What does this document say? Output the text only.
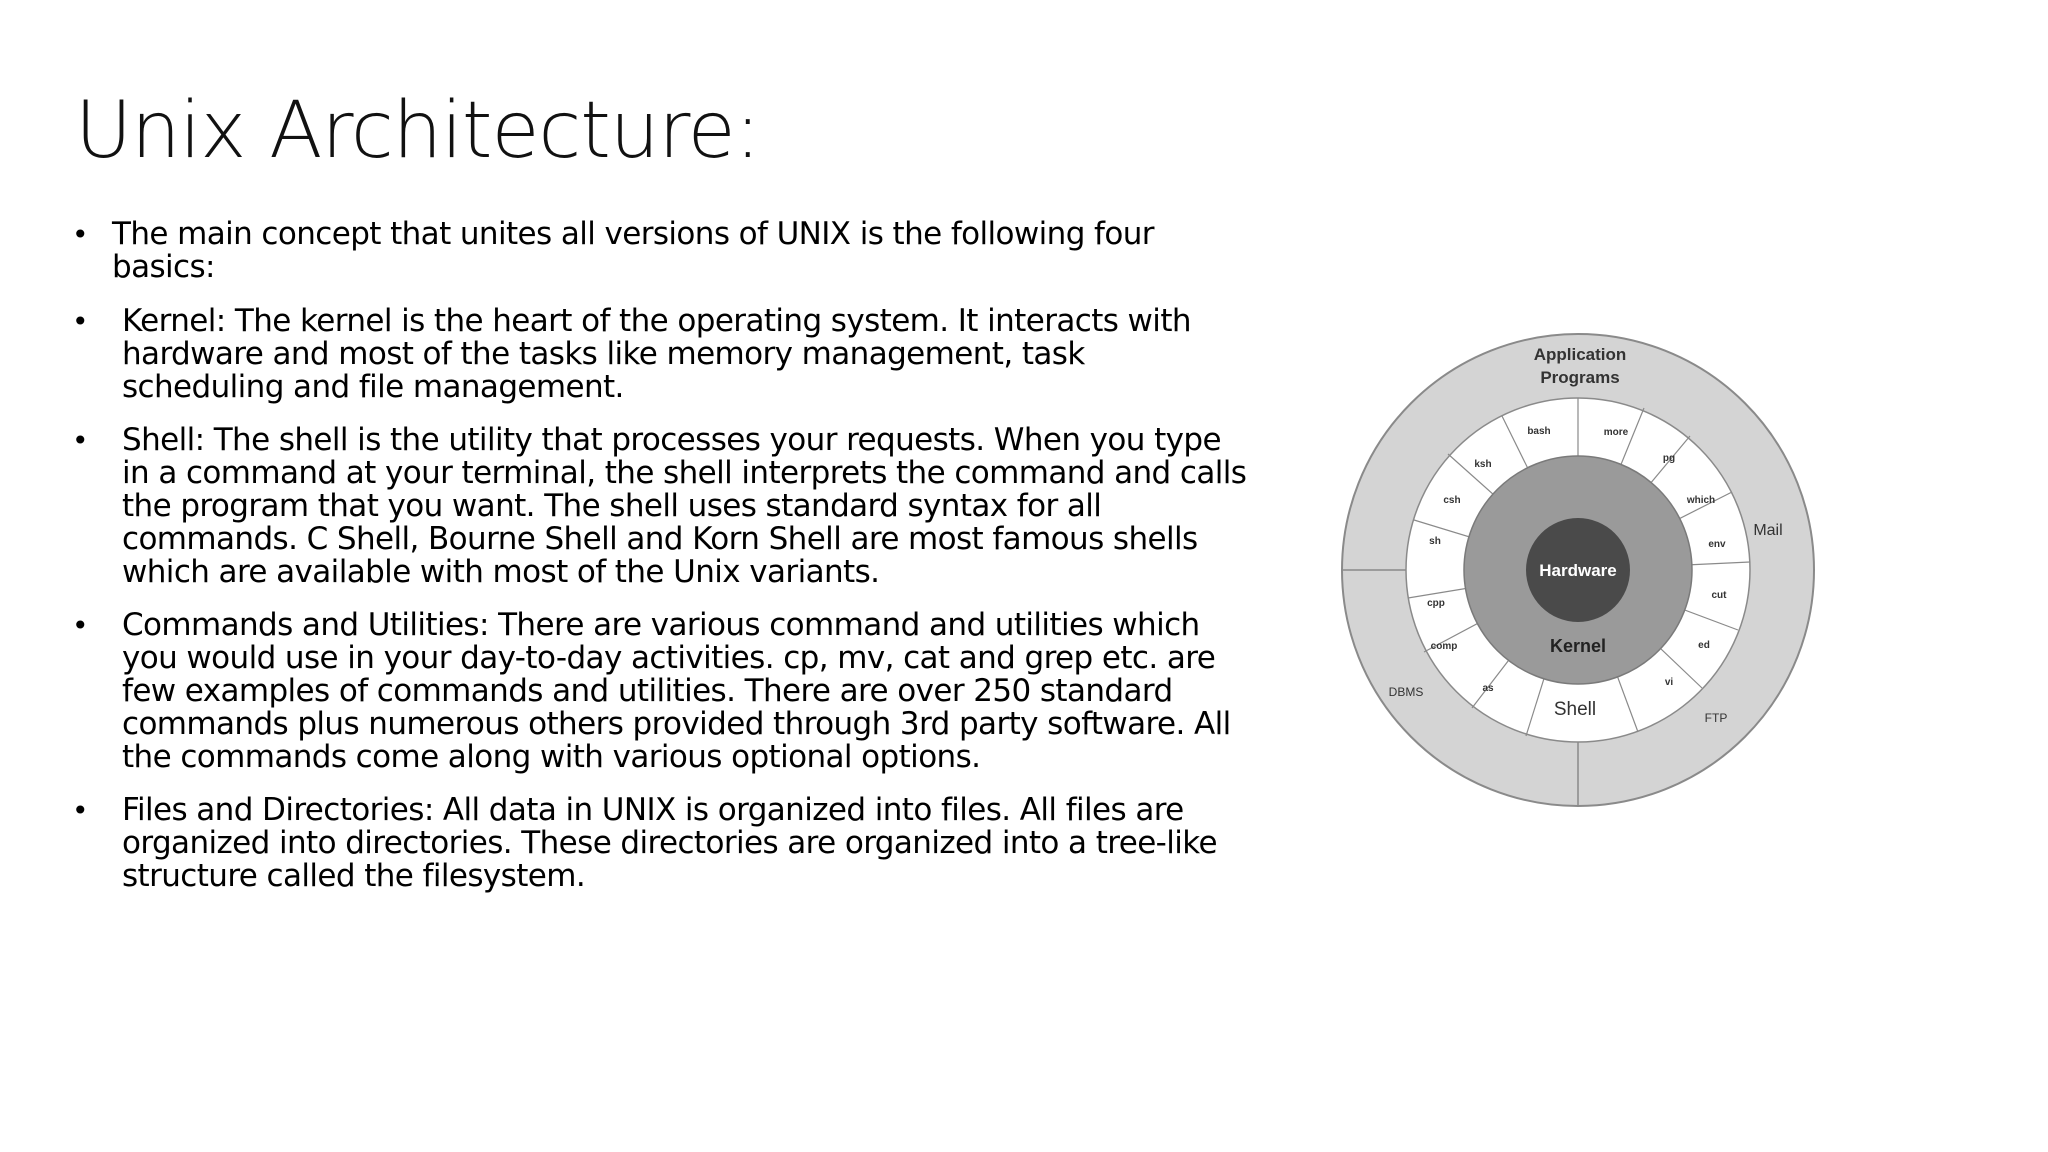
Unix Architecture:
• The main concept that unites all versions of UNIX is the following four basics:
• Kernel: The kernel is the heart of the operating system. It interacts with hardware and most of the tasks like memory management, task scheduling and file management.
• Shell: The shell is the utility that processes your requests. When you type in a command at your terminal, the shell interprets the command and calls the program that you want. The shell uses standard syntax for all commands. C Shell, Bourne Shell and Korn Shell are most famous shells which are available with most of the Unix variants.
• Commands and Utilities: There are various command and utilities which you would use in your day-to-day activities. cp, mv, cat and grep etc. are few examples of commands and utilities. There are over 250 standard commands plus numerous others provided through 3rd party software. All the commands come along with various optional options.
• Files and Directories: All data in UNIX is organized into files. All files are organized into directories. These directories are organized into a tree-like structure called the filesystem.
Hardware
Kernel
Shell
Application
Programs
Mail
DBMS
FTP
bash	more
pg
which
env
cut
ed
vi
as
comp
cpp
sh
csh
ksh
